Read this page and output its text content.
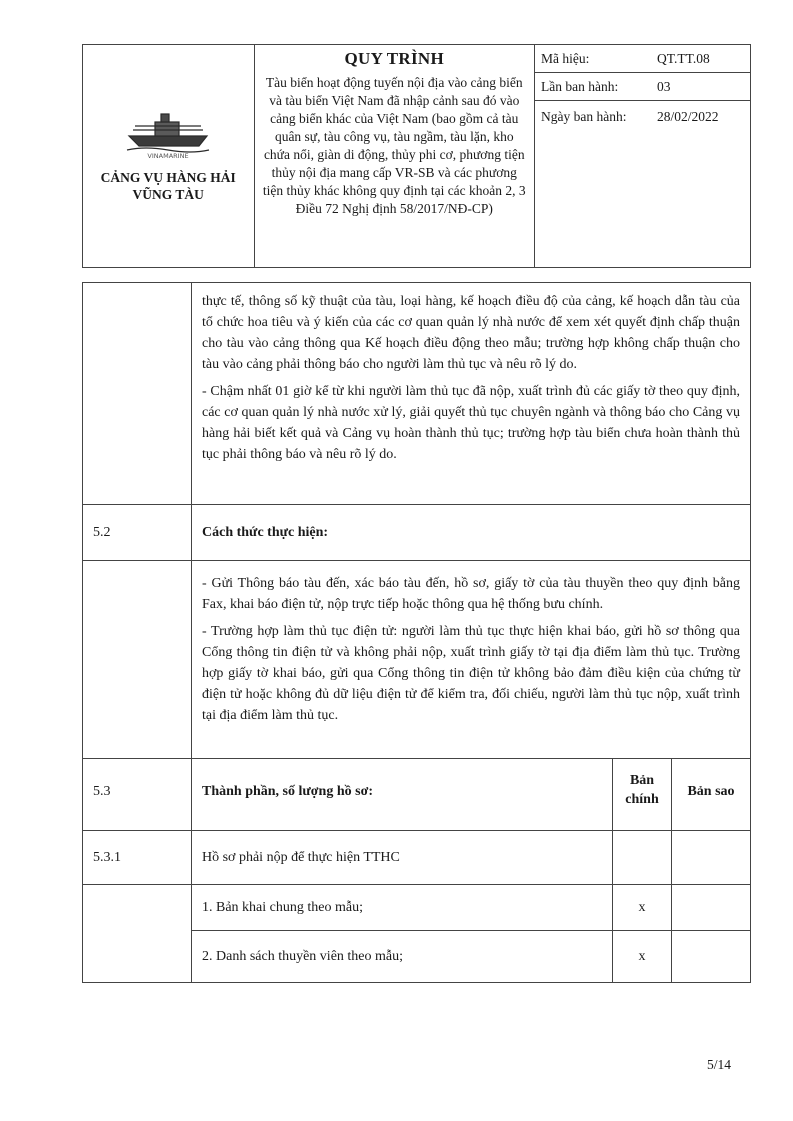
VINAMARINE
CẢNG VỤ HÀNG HẢI
VŨNG TÀU

QUY TRÌNH
Tàu biển hoạt động tuyến nội địa vào cảng biển và tàu biển Việt Nam đã nhập cảnh sau đó vào cảng biển khác của Việt Nam (bao gồm cả tàu quân sự, tàu công vụ, tàu ngầm, tàu lặn, kho chứa nổi, giàn di động, thủy phi cơ, phương tiện thủy nội địa mang cấp VR-SB và các phương tiện thủy khác không quy định tại các khoản 2, 3 Điều 72 Nghị định 58/2017/NĐ-CP)

Mã hiệu:	QT.TT.08
Lần ban hành:	03
Ngày ban hành:	28/02/2022

	thực tế, thông số kỹ thuật của tàu, loại hàng, kế hoạch điều độ của cảng, kế hoạch dẫn tàu của tổ chức hoa tiêu và ý kiến của các cơ quan quản lý nhà nước để xem xét quyết định chấp thuận cho tàu vào cảng thông qua Kế hoạch điều động theo mẫu; trường hợp không chấp thuận cho tàu vào cảng phải thông báo cho người làm thủ tục và nêu rõ lý do.

- Chậm nhất 01 giờ kể từ khi người làm thủ tục đã nộp, xuất trình đủ các giấy tờ theo quy định, các cơ quan quản lý nhà nước xử lý, giải quyết thủ tục chuyên ngành và thông báo cho Cảng vụ hàng hải biết kết quả và Cảng vụ hoàn thành thủ tục; trường hợp tàu biển chưa hoàn thành thủ tục phải thông báo và nêu rõ lý do.		

5.2	Cách thức thực hiện:		

	- Gửi Thông báo tàu đến, xác báo tàu đến, hồ sơ, giấy tờ của tàu thuyền theo quy định bằng Fax, khai báo điện tử, nộp trực tiếp hoặc thông qua hệ thống bưu chính.

- Trường hợp làm thủ tục điện tử: người làm thủ tục thực hiện khai báo, gửi hồ sơ thông qua Cổng thông tin điện tử và không phải nộp, xuất trình giấy tờ tại địa điểm làm thủ tục. Trường hợp giấy tờ khai báo, gửi qua Cổng thông tin điện tử không bảo đảm điều kiện của chứng từ điện tử hoặc không đủ dữ liệu điện tử để kiểm tra, đối chiếu, người làm thủ tục nộp, xuất trình tại địa điểm làm thủ tục.		

5.3	Thành phần, số lượng hồ sơ:	Bản chính	Bản sao
5.3.1	Hồ sơ phải nộp để thực hiện TTHC		
	1. Bản khai chung theo mẫu;	x	
	2. Danh sách thuyền viên theo mẫu;	x	
5/14
